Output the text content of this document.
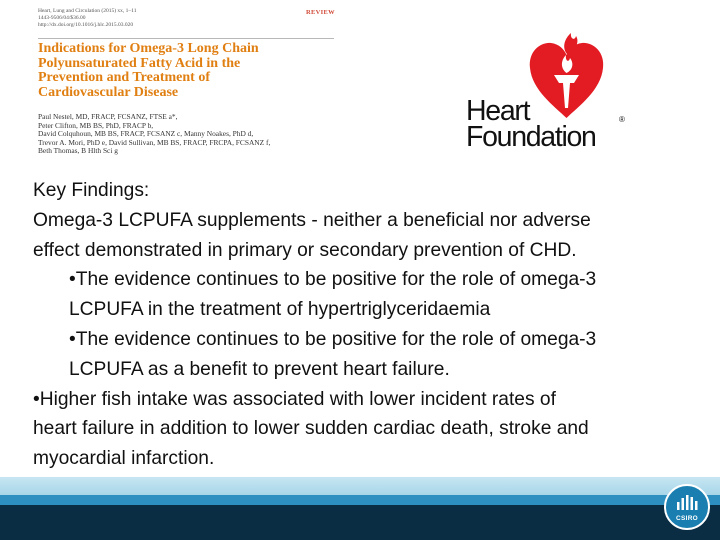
Heart, Lung and Circulation (2015) xx, 1–11
1443-9506/04/$36.00
http://dx.doi.org/10.1016/j.hlc.2015.03.020
REVIEW
Indications for Omega-3 Long Chain
Polyunsaturated Fatty Acid in the
Prevention and Treatment of
Cardiovascular Disease
Paul Nestel, MD, FRACP, FCSANZ, FTSE a*,
Peter Clifton, MB BS, PhD, FRACP b,
David Colquhoun, MB BS, FRACP, FCSANZ c, Manny Noakes, PhD d,
Trevor A. Mori, PhD e, David Sullivan, MB BS, FRACP, FRCPA, FCSANZ f,
Beth Thomas, B Hlth Sci g
Heart
Foundation
®
Key Findings:
Omega-3 LCPUFA supplements - neither a beneficial nor adverse
effect demonstrated in primary or secondary prevention of CHD.
•The evidence continues to be positive for the role of omega-3
LCPUFA in the treatment of hypertriglyceridaemia
•The evidence continues to be positive for the role of omega-3
LCPUFA as a benefit to prevent heart failure.
•Higher fish intake was associated with lower incident rates of
heart failure in addition to lower sudden cardiac death, stroke and
myocardial infarction.
CSIRO
